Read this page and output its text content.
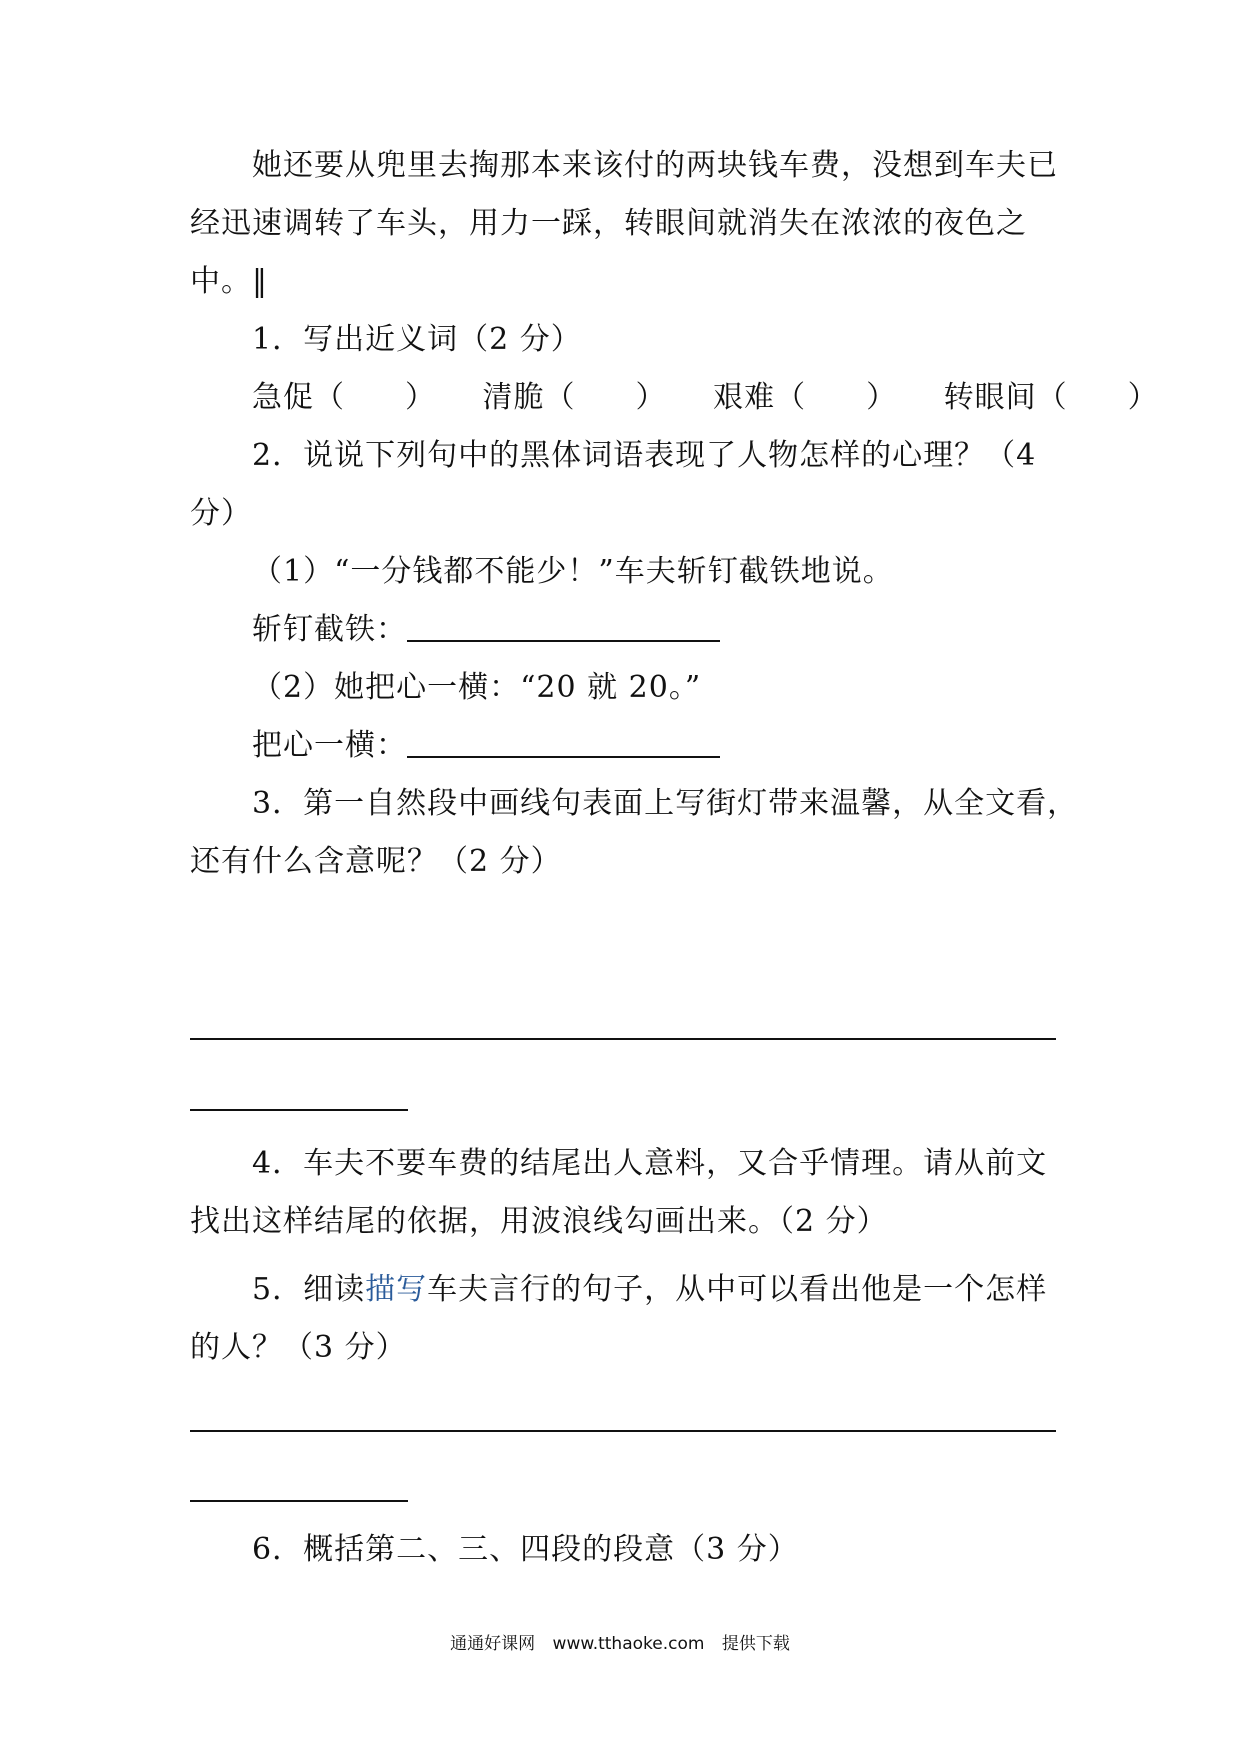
她还要从兜里去掏那本来该付的两块钱车费，没想到车夫已
经迅速调转了车头，用力一踩，转眼间就消失在浓浓的夜色之
中。‖
1．写出近义词（2 分）
急促（ ） 清脆（ ） 艰难（ ） 转眼间（ ）
2．说说下列句中的黑体词语表现了人物怎样的心理？（4
分）
（1）“一分钱都不能少！”车夫斩钉截铁地说。
斩钉截铁：
（2）她把心一横：“20 就 20。”
把心一横：
3．第一自然段中画线句表面上写街灯带来温馨，从全文看，
还有什么含意呢？（2 分）
4．车夫不要车费的结尾出人意料，又合乎情理。请从前文
找出这样结尾的依据，用波浪线勾画出来。（2 分）
5．细读描写车夫言行的句子，从中可以看出他是一个怎样
的人？（3 分）
6．概括第二、三、四段的段意（3 分）
通通好课网 www.tthaoke.com 提供下载
